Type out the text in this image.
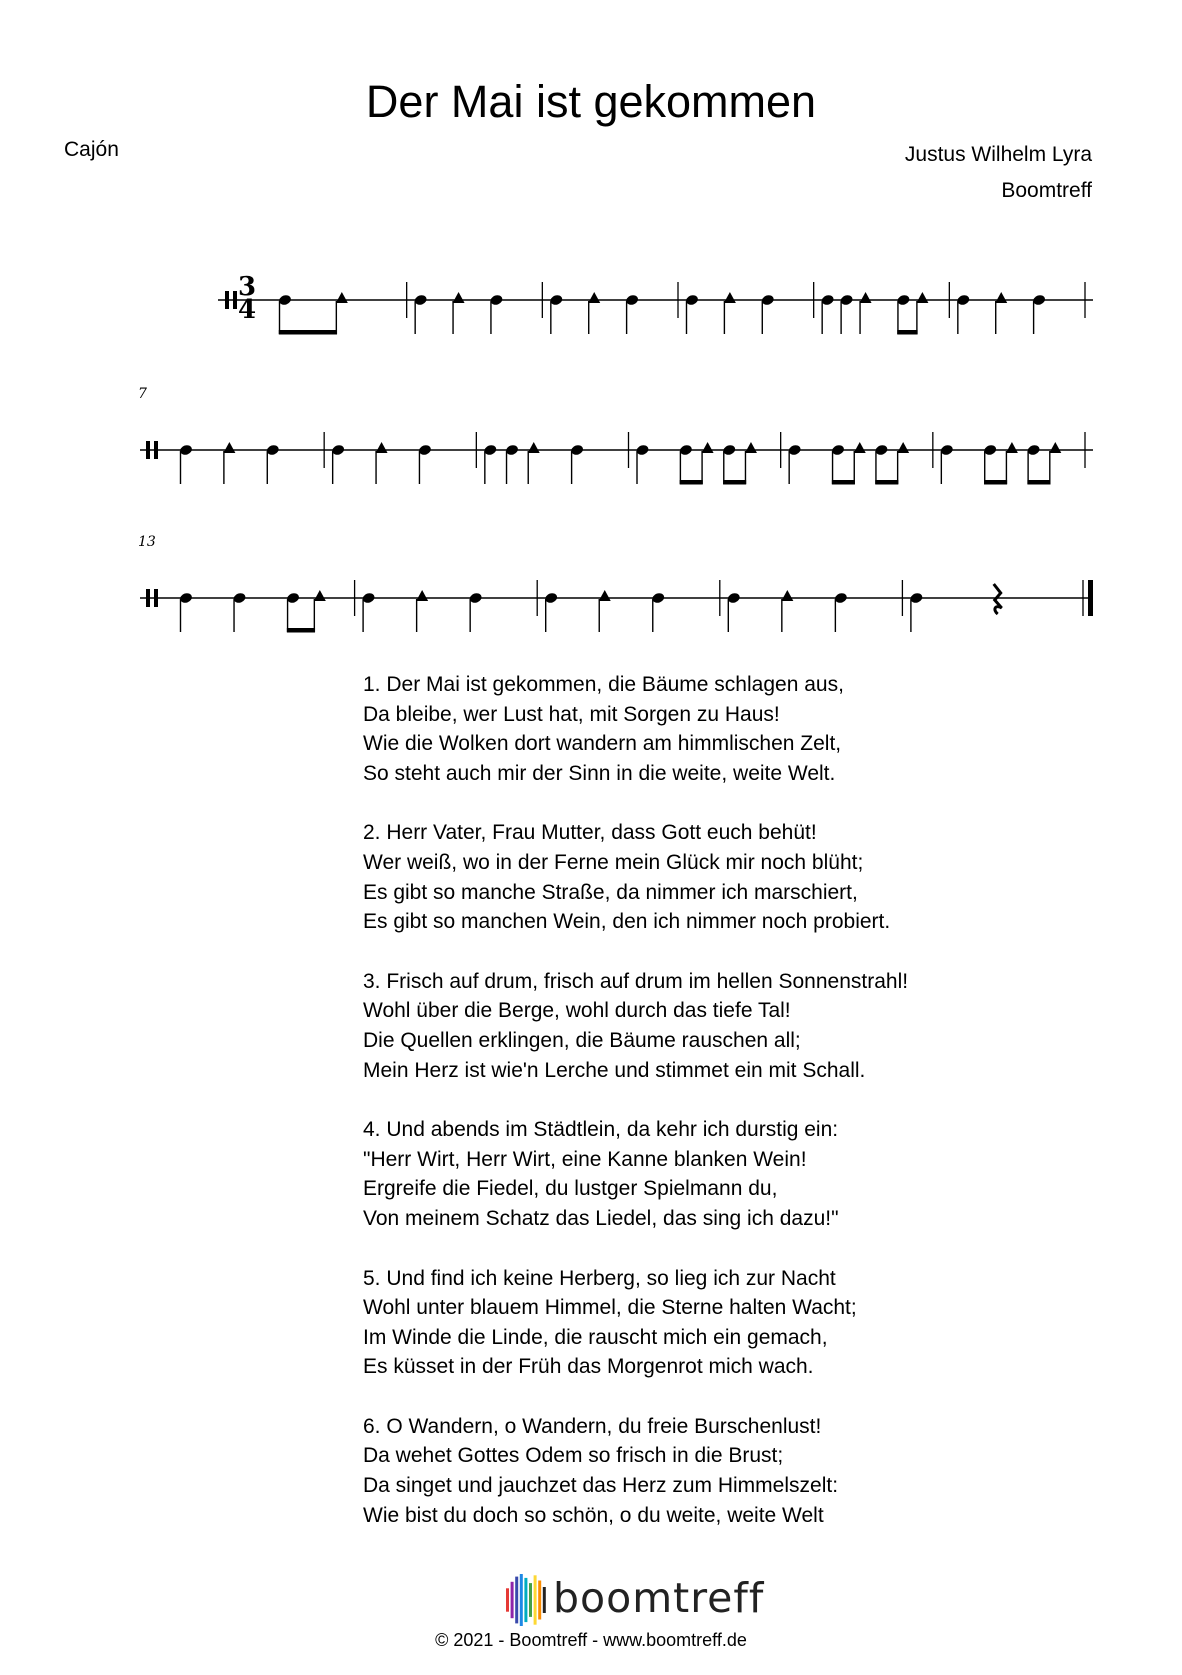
Der Mai ist gekommen
Cajón	Justus Wilhelm Lyra
Boomtreff
3
4
7
13
1. Der Mai ist gekommen, die Bäume schlagen aus,
Da bleibe, wer Lust hat, mit Sorgen zu Haus!
Wie die Wolken dort wandern am himmlischen Zelt,
So steht auch mir der Sinn in die weite, weite Welt.
2. Herr Vater, Frau Mutter, dass Gott euch behüt!
Wer weiß, wo in der Ferne mein Glück mir noch blüht;
Es gibt so manche Straße, da nimmer ich marschiert,
Es gibt so manchen Wein, den ich nimmer noch probiert.
3. Frisch auf drum, frisch auf drum im hellen Sonnenstrahl!
Wohl über die Berge, wohl durch das tiefe Tal!
Die Quellen erklingen, die Bäume rauschen all;
Mein Herz ist wie'n Lerche und stimmet ein mit Schall.
4. Und abends im Städtlein, da kehr ich durstig ein:
"Herr Wirt, Herr Wirt, eine Kanne blanken Wein!
Ergreife die Fiedel, du lustger Spielmann du,
Von meinem Schatz das Liedel, das sing ich dazu!"
5. Und find ich keine Herberg, so lieg ich zur Nacht
Wohl unter blauem Himmel, die Sterne halten Wacht;
Im Winde die Linde, die rauscht mich ein gemach,
Es küsset in der Früh das Morgenrot mich wach.
6. O Wandern, o Wandern, du freie Burschenlust!
Da wehet Gottes Odem so frisch in die Brust;
Da singet und jauchzet das Herz zum Himmelszelt:
Wie bist du doch so schön, o du weite, weite Welt
boomtreff
© 2021 - Boomtreff - www.boomtreff.de
